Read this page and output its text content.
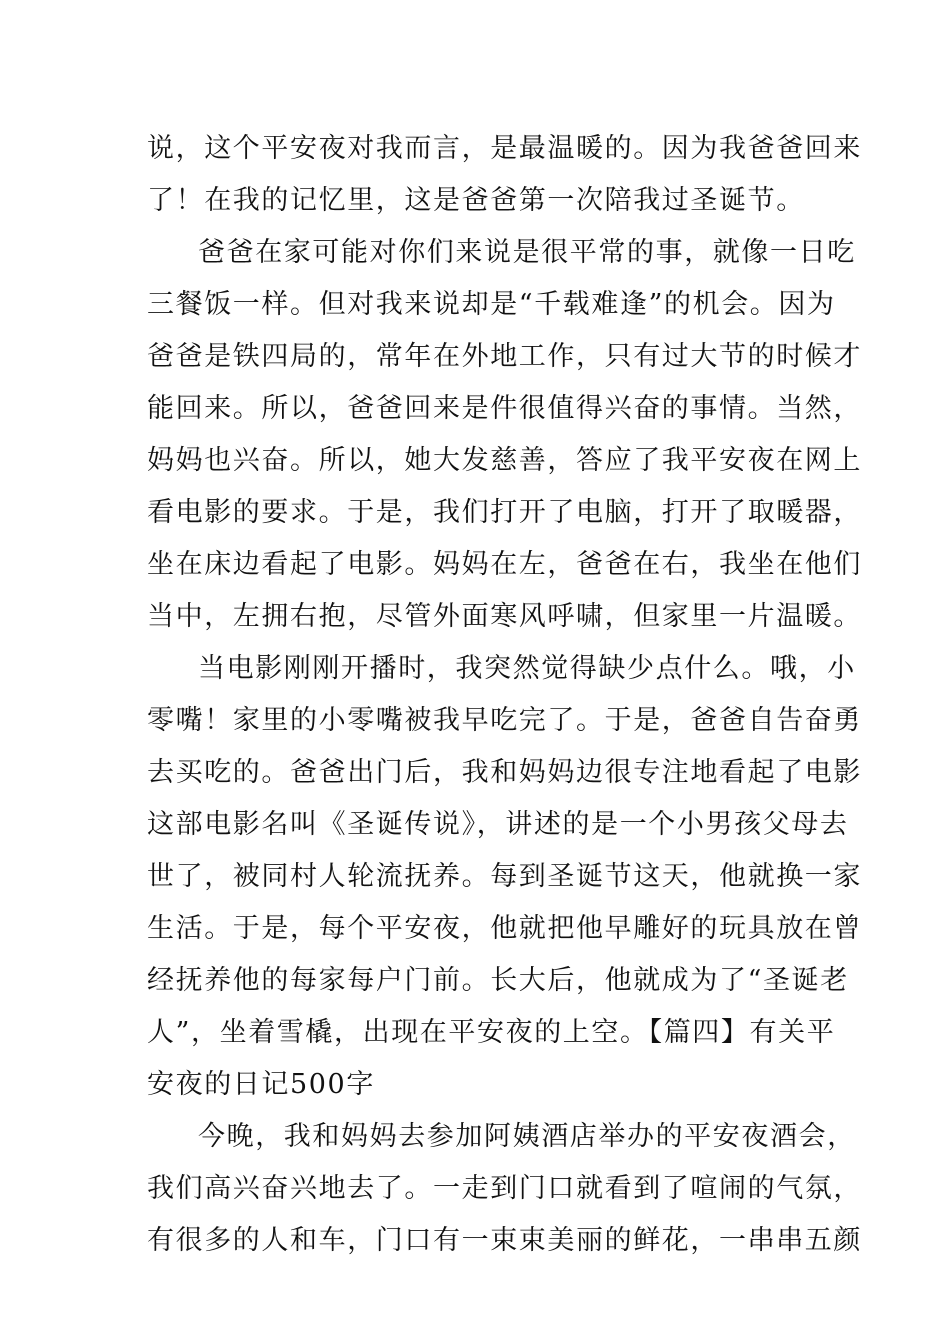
说，这个平安夜对我而言，是最温暖的。因为我爸爸回来
了！在我的记忆里，这是爸爸第一次陪我过圣诞节。
爸爸在家可能对你们来说是很平常的事，就像一日吃
三餐饭一样。但对我来说却是“千载难逢”的机会。因为
爸爸是铁四局的，常年在外地工作，只有过大节的时候才
能回来。所以，爸爸回来是件很值得兴奋的事情。当然，
妈妈也兴奋。所以，她大发慈善，答应了我平安夜在网上
看电影的要求。于是，我们打开了电脑，打开了取暖器，
坐在床边看起了电影。妈妈在左，爸爸在右，我坐在他们
当中，左拥右抱，尽管外面寒风呼啸，但家里一片温暖。
当电影刚刚开播时，我突然觉得缺少点什么。哦，小
零嘴！家里的小零嘴被我早吃完了。于是，爸爸自告奋勇
去买吃的。爸爸出门后，我和妈妈边很专注地看起了电影
这部电影名叫《圣诞传说》，讲述的是一个小男孩父母去
世了，被同村人轮流抚养。每到圣诞节这天，他就换一家
生活。于是，每个平安夜，他就把他早雕好的玩具放在曾
经抚养他的每家每户门前。长大后，他就成为了“圣诞老
人”，坐着雪橇，出现在平安夜的上空。【篇四】有关平
安夜的日记500字
今晚，我和妈妈去参加阿姨酒店举办的平安夜酒会，
我们高兴奋兴地去了。一走到门口就看到了喧闹的气氛，
有很多的人和车，门口有一束束美丽的鲜花，一串串五颜
